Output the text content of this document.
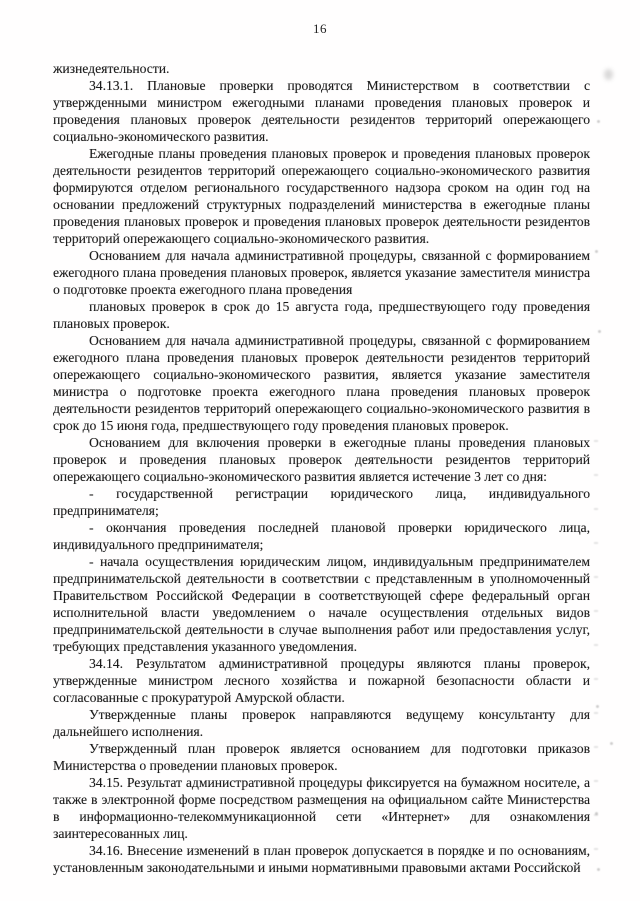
16

жизнедеятельности.

34.13.1. Плановые проверки проводятся Министерством в соответствии с утвержденными министром ежегодными планами проведения плановых проверок и проведения плановых проверок деятельности резидентов территорий опережающего социально-экономического развития.

Ежегодные планы проведения плановых проверок и проведения плановых проверок деятельности резидентов территорий опережающего социально-экономического развития формируются отделом регионального государственного надзора сроком на один год на основании предложений структурных подразделений министерства в ежегодные планы проведения плановых проверок и проведения плановых проверок деятельности резидентов территорий опережающего социально-экономического развития.

Основанием для начала административной процедуры, связанной с формированием ежегодного плана проведения плановых проверок, является указание заместителя министра о подготовке проекта ежегодного плана проведения

плановых проверок в срок до 15 августа года, предшествующего году проведения плановых проверок.

Основанием для начала административной процедуры, связанной с формированием ежегодного плана проведения плановых проверок деятельности резидентов территорий опережающего социально-экономического развития, является указание заместителя министра о подготовке проекта ежегодного плана проведения плановых проверок деятельности резидентов территорий опережающего социально-экономического развития в срок до 15 июня года, предшествующего году проведения плановых проверок.

Основанием для включения проверки в ежегодные планы проведения плановых проверок и проведения плановых проверок деятельности резидентов территорий опережающего социально-экономического развития является истечение 3 лет со дня:

- государственной регистрации юридического лица, индивидуального предпринимателя;

- окончания проведения последней плановой проверки юридического лица, индивидуального предпринимателя;

- начала осуществления юридическим лицом, индивидуальным предпринимателем предпринимательской деятельности в соответствии с представленным в уполномоченный Правительством Российской Федерации в соответствующей сфере федеральный орган исполнительной власти уведомлением о начале осуществления отдельных видов предпринимательской деятельности в случае выполнения работ или предоставления услуг, требующих представления указанного уведомления.

34.14. Результатом административной процедуры являются планы проверок, утвержденные министром лесного хозяйства и пожарной безопасности области и согласованные с прокуратурой Амурской области.

Утвержденные планы проверок направляются ведущему консультанту для дальнейшего исполнения.

Утвержденный план проверок является основанием для подготовки приказов Министерства о проведении плановых проверок.

34.15. Результат административной процедуры фиксируется на бумажном носителе, а также в электронной форме посредством размещения на официальном сайте Министерства в информационно-телекоммуникационной сети «Интернет» для ознакомления заинтересованных лиц.

34.16. Внесение изменений в план проверок допускается в порядке и по основаниям, установленным законодательными и иными нормативными правовыми актами Российской
